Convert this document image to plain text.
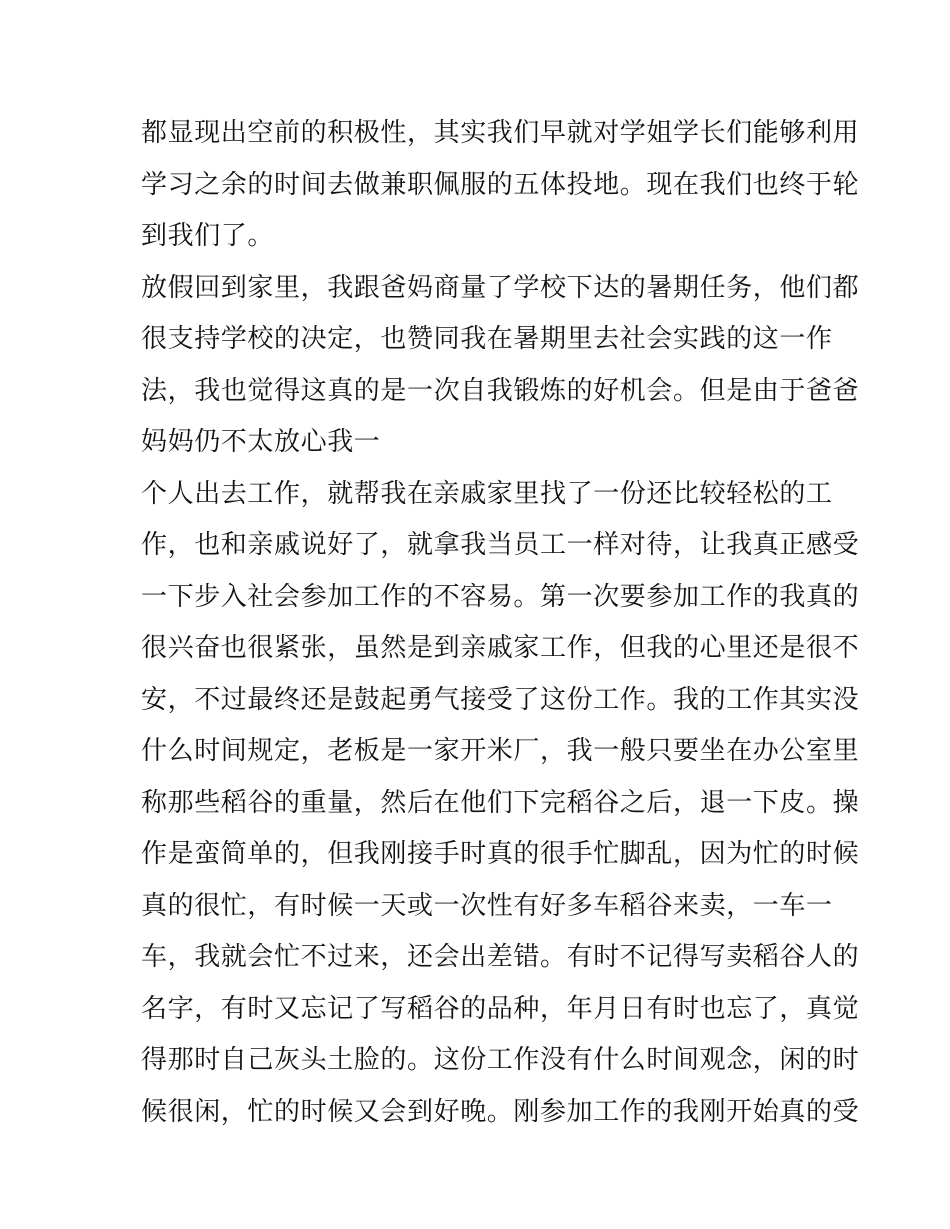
都显现出空前的积极性，其实我们早就对学姐学长们能够利用
学习之余的时间去做兼职佩服的五体投地。现在我们也终于轮
到我们了。
放假回到家里，我跟爸妈商量了学校下达的暑期任务，他们都
很支持学校的决定，也赞同我在暑期里去社会实践的这一作
法，我也觉得这真的是一次自我锻炼的好机会。但是由于爸爸
妈妈仍不太放心我一
个人出去工作，就帮我在亲戚家里找了一份还比较轻松的工
作，也和亲戚说好了，就拿我当员工一样对待，让我真正感受
一下步入社会参加工作的不容易。第一次要参加工作的我真的
很兴奋也很紧张，虽然是到亲戚家工作，但我的心里还是很不
安，不过最终还是鼓起勇气接受了这份工作。我的工作其实没
什么时间规定，老板是一家开米厂，我一般只要坐在办公室里
称那些稻谷的重量，然后在他们下完稻谷之后，退一下皮。操
作是蛮简单的，但我刚接手时真的很手忙脚乱，因为忙的时候
真的很忙，有时候一天或一次性有好多车稻谷来卖，一车一
车，我就会忙不过来，还会出差错。有时不记得写卖稻谷人的
名字，有时又忘记了写稻谷的品种，年月日有时也忘了，真觉
得那时自己灰头土脸的。这份工作没有什么时间观念，闲的时
候很闲，忙的时候又会到好晚。刚参加工作的我刚开始真的受
